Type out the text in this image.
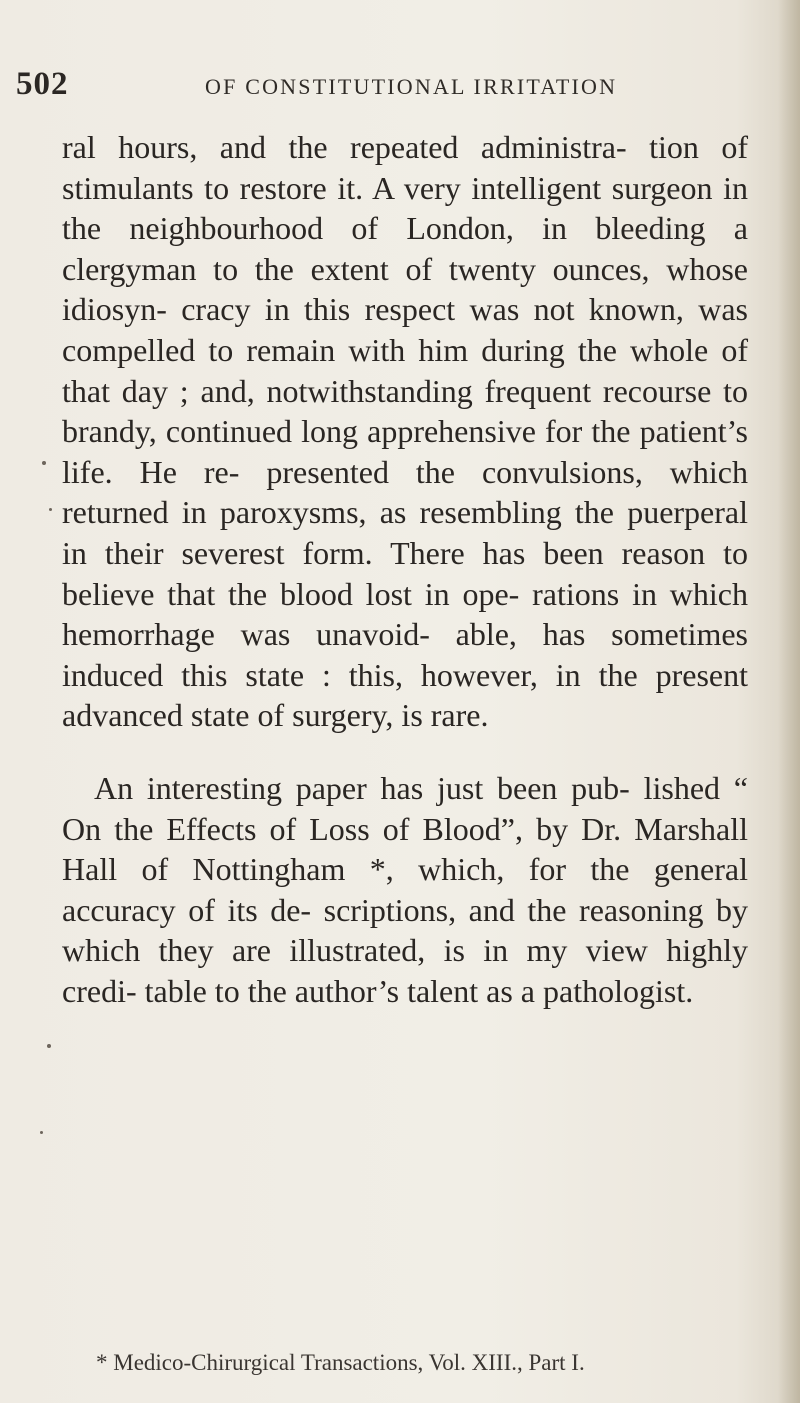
502	OF CONSTITUTIONAL IRRITATION

ral hours, and the repeated administra- tion of stimulants to restore it. A very intelligent surgeon in the neighbourhood of London, in bleeding a clergyman to the extent of twenty ounces, whose idiosyn- cracy in this respect was not known, was compelled to remain with him during the whole of that day ; and, notwithstanding frequent recourse to brandy, continued long apprehensive for the patient’s life. He re- presented the convulsions, which returned in paroxysms, as resembling the puerperal in their severest form. There has been reason to believe that the blood lost in ope- rations in which hemorrhage was unavoid- able, has sometimes induced this state : this, however, in the present advanced state of surgery, is rare.

An interesting paper has just been pub- lished “ On the Effects of Loss of Blood”, by Dr. Marshall Hall of Nottingham *, which, for the general accuracy of its de- scriptions, and the reasoning by which they are illustrated, is in my view highly credi- table to the author’s talent as a pathologist.

* Medico-Chirurgical Transactions, Vol. XIII., Part I.
